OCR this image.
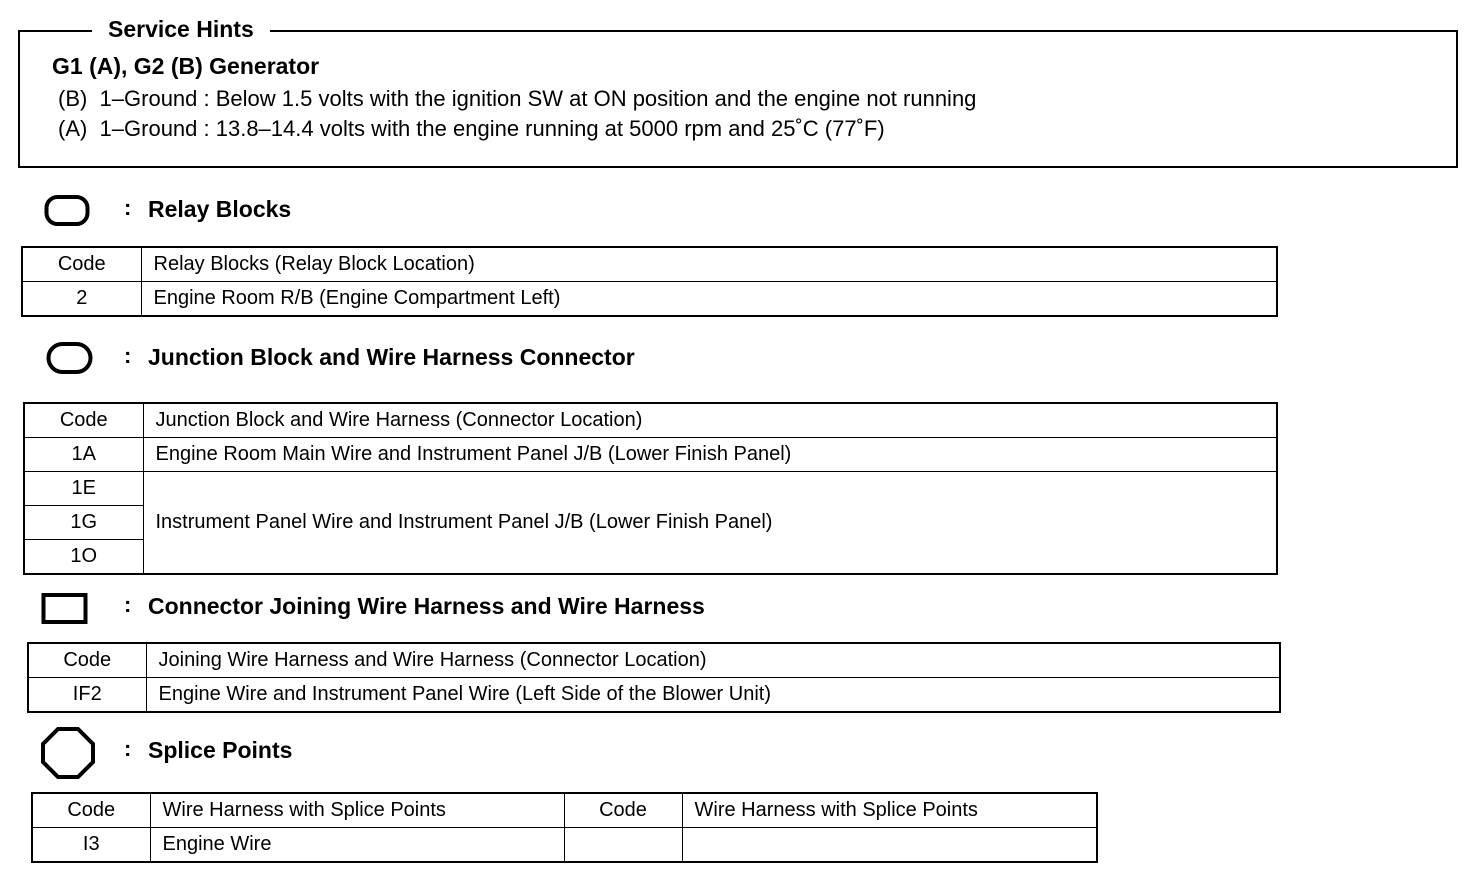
Service Hints
G1 (A), G2 (B) Generator
(B)  1–Ground : Below 1.5 volts with the ignition SW at ON position and the engine not running
(A)  1–Ground : 13.8–14.4 volts with the engine running at 5000 rpm and 25˚C (77˚F)
: Relay Blocks
Code	Relay Blocks (Relay Block Location)
2	Engine Room R/B (Engine Compartment Left)
: Junction Block and Wire Harness Connector
Code	Junction Block and Wire Harness (Connector Location)
1A	Engine Room Main Wire and Instrument Panel J/B (Lower Finish Panel)
1E	Instrument Panel Wire and Instrument Panel J/B (Lower Finish Panel)
1G	
1O	
: Connector Joining Wire Harness and Wire Harness
Code	Joining Wire Harness and Wire Harness (Connector Location)
IF2	Engine Wire and Instrument Panel Wire (Left Side of the Blower Unit)
: Splice Points
Code	Wire Harness with Splice Points	Code	Wire Harness with Splice Points
I3	Engine Wire		
